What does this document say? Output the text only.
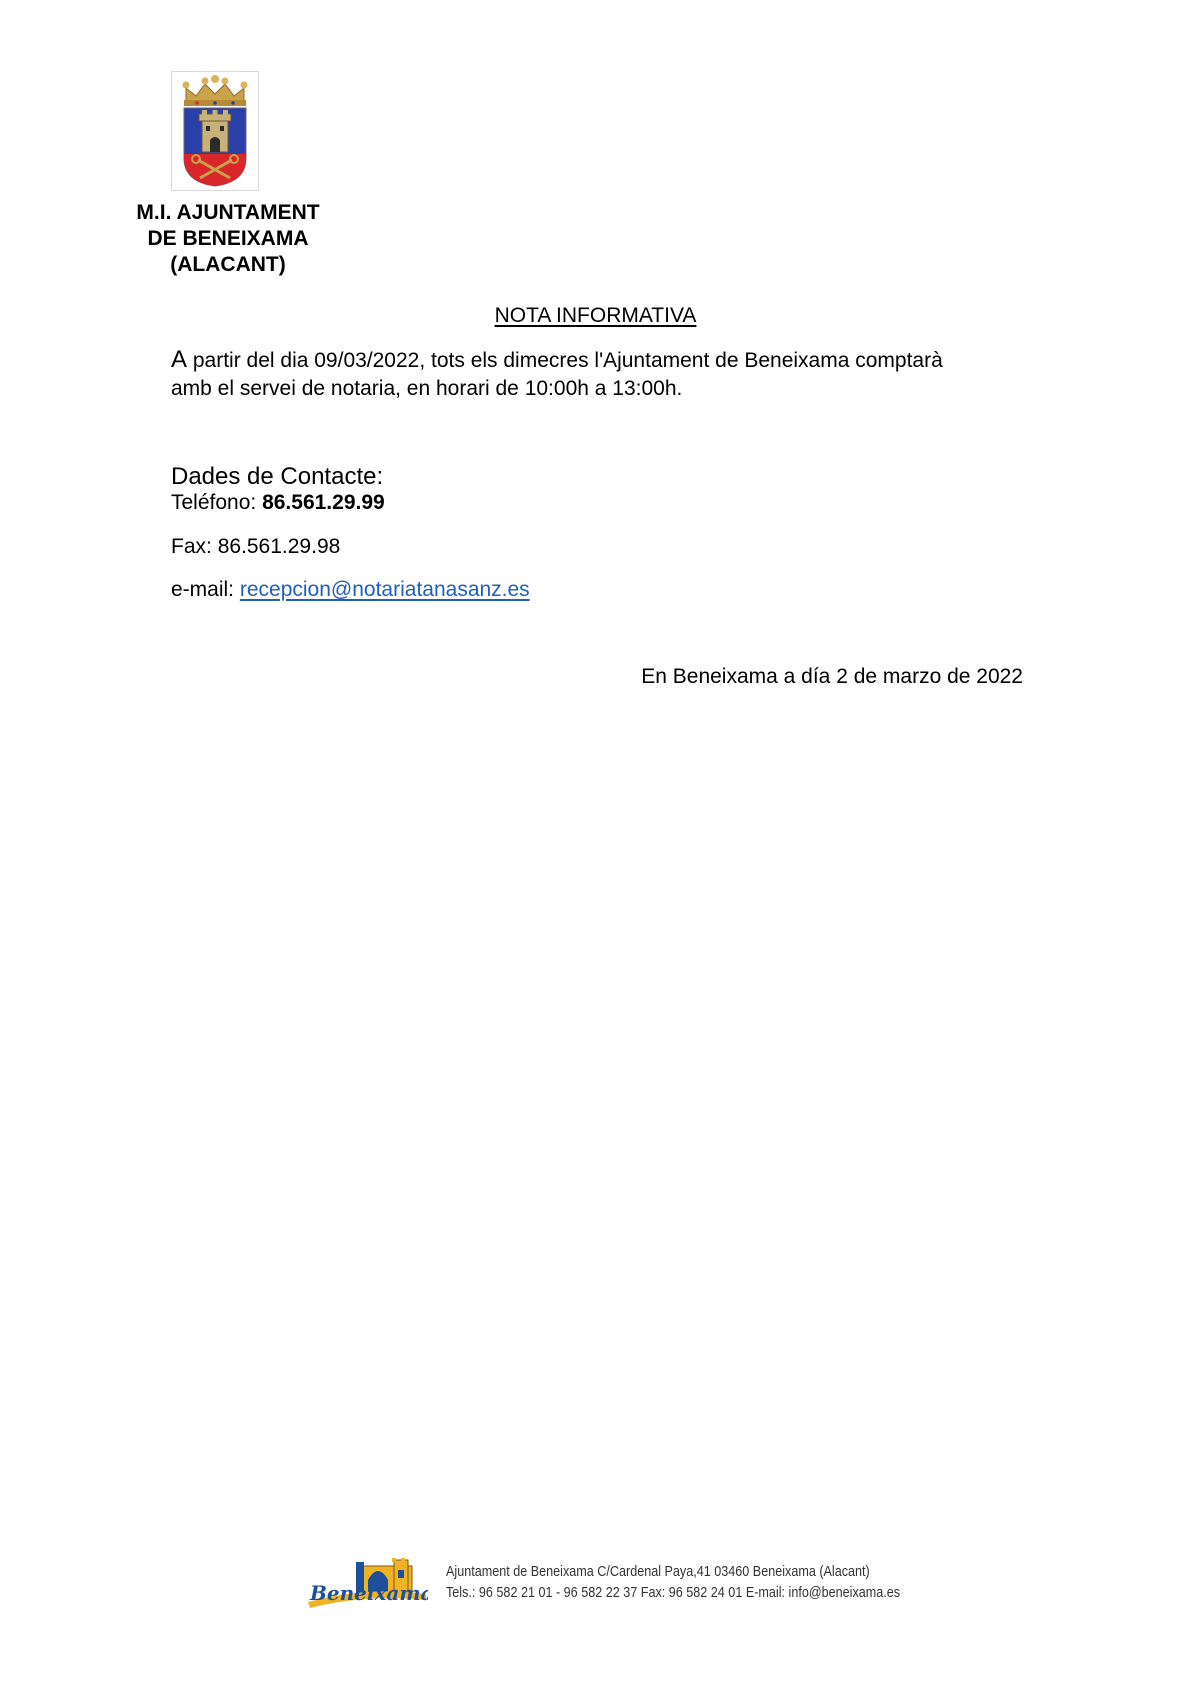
M.I. AJUNTAMENT
DE BENEIXAMA
(ALACANT)
NOTA INFORMATIVA
A partir del dia 09/03/2022, tots els dimecres l'Ajuntament de Beneixama comptarà
amb el servei de notaria, en horari de 10:00h a 13:00h.
Dades de Contacte:
Teléfono: 86.561.29.99
Fax: 86.561.29.98
e-mail: recepcion@notariatanasanz.es
En Beneixama a día 2 de marzo de 2022
Beneixama
Ajuntament de Beneixama C/Cardenal Paya,41 03460 Beneixama (Alacant)
Tels.: 96 582 21 01 - 96 582 22 37 Fax: 96 582 24 01 E-mail: info@beneixama.es
